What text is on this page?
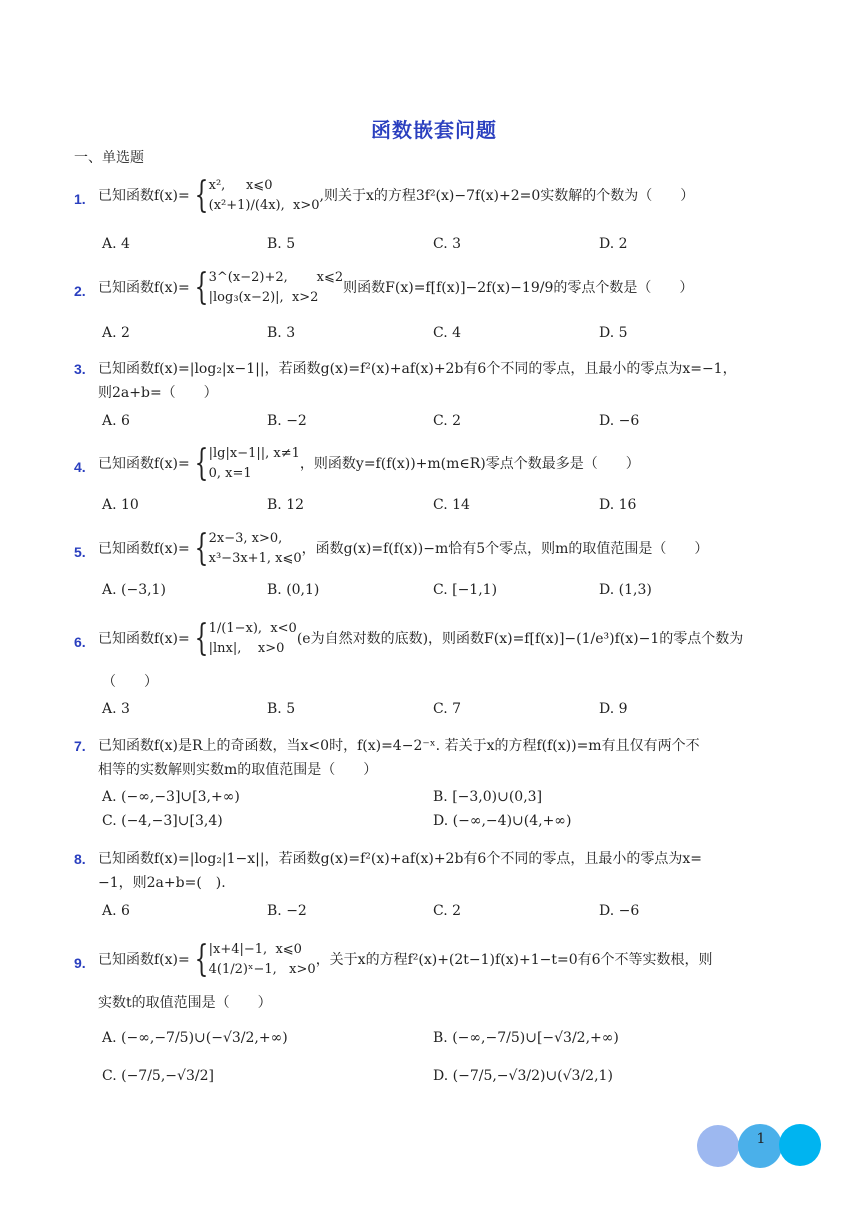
函数嵌套问题
一、单选题
1. 已知函数f(x)= {x²,     x⩽0
(x²+1)/(4x),  x>0,则关于x的方程3f²(x)−7f(x)+2=0实数解的个数为（　　）
A. 4	B. 5	C. 3	D. 2
2. 已知函数f(x)= {3^(x−2)+2,       x⩽2
|log₃(x−2)|,  x>2则函数F(x)=f[f(x)]−2f(x)−19/9的零点个数是（　　）
A. 2	B. 3	C. 4	D. 5
3. 已知函数f(x)=|log₂|x−1||，若函数g(x)=f²(x)+af(x)+2b有6个不同的零点，且最小的零点为x=−1，
则2a+b=（　　）
A. 6	B. −2	C. 2	D. −6
4. 已知函数f(x)= {|lg|x−1||, x≠1
0, x=1，则函数y=f(f(x))+m(m∈R)零点个数最多是（　　）
A. 10	B. 12	C. 14	D. 16
5. 已知函数f(x)= {2x−3, x>0,
x³−3x+1, x⩽0，函数g(x)=f(f(x))−m恰有5个零点，则m的取值范围是（　　）
A. (−3,1)	B. (0,1)	C. [−1,1)	D. (1,3)
6. 已知函数f(x)= {1/(1−x),  x<0
|lnx|,    x>0(e为自然对数的底数)，则函数F(x)=f[f(x)]−(1/e³)f(x)−1的零点个数为
（　　）
A. 3	B. 5	C. 7	D. 9
7. 已知函数f(x)是R上的奇函数，当x<0时，f(x)=4−2⁻ˣ. 若关于x的方程f(f(x))=m有且仅有两个不
相等的实数解则实数m的取值范围是（　　）
A. (−∞,−3]∪[3,+∞)	B. [−3,0)∪(0,3]
C. (−4,−3]∪[3,4)	D. (−∞,−4)∪(4,+∞)
8. 已知函数f(x)=|log₂|1−x||，若函数g(x)=f²(x)+af(x)+2b有6个不同的零点，且最小的零点为x=
−1，则2a+b=(　).
A. 6	B. −2	C. 2	D. −6
9. 已知函数f(x)= {|x+4|−1,  x⩽0
4(1/2)ˣ−1,   x>0，关于x的方程f²(x)+(2t−1)f(x)+1−t=0有6个不等实数根，则
实数t的取值范围是（　　）
A. (−∞,−7/5)∪(−√3/2,+∞)	B. (−∞,−7/5)∪[−√3/2,+∞)
C. (−7/5,−√3/2]	D. (−7/5,−√3/2)∪(√3/2,1)
1
